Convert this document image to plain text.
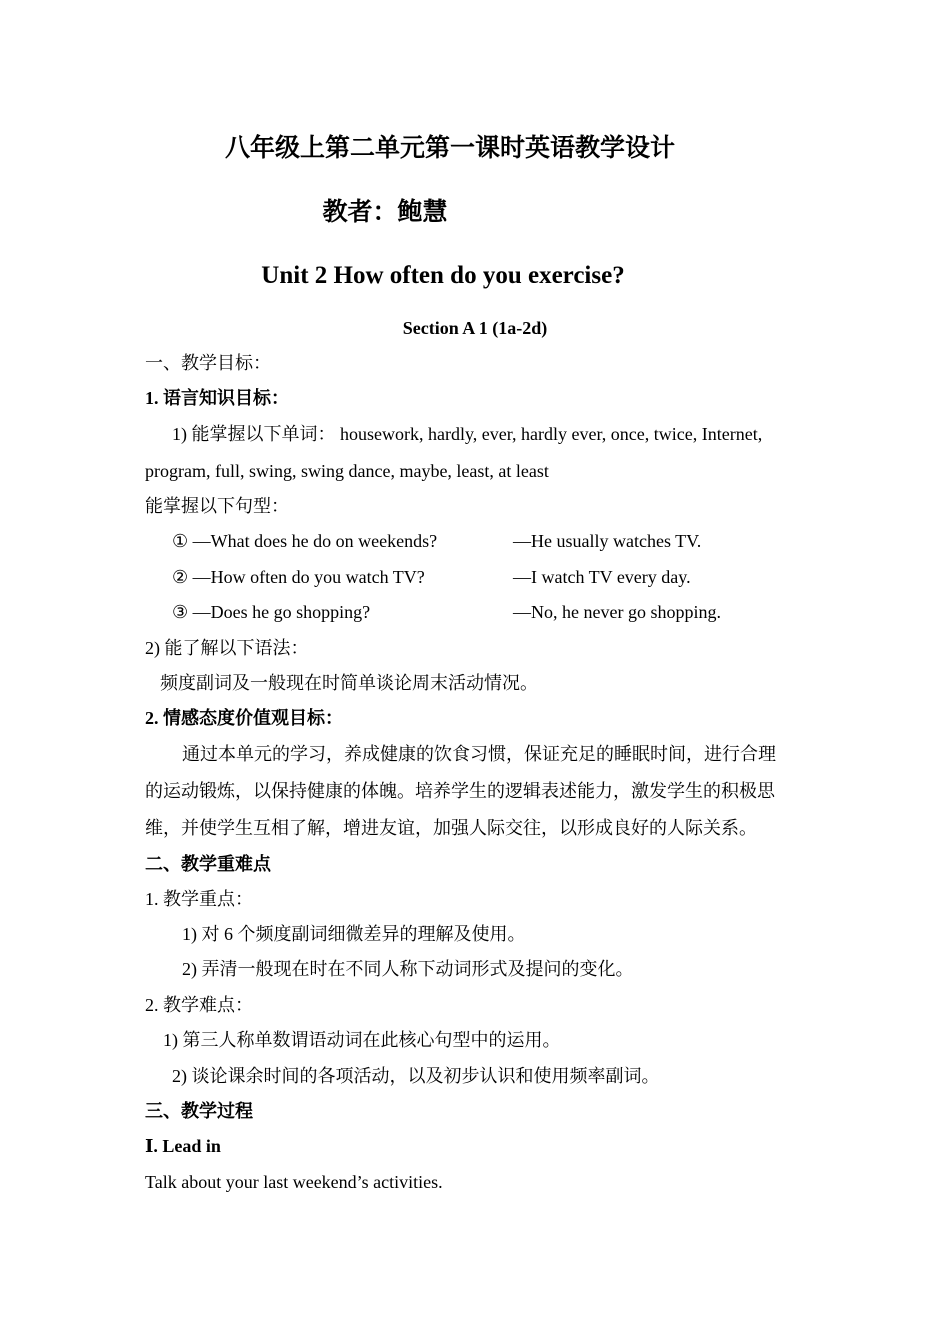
八年级上第二单元第一课时英语教学设计
教者：鲍慧
Unit 2 How often do you exercise?
Section A 1 (1a-2d)
一、教学目标：
1. 语言知识目标：
1) 能掌握以下单词： housework, hardly, ever, hardly ever, once, twice, Internet,
program, full, swing, swing dance, maybe, least, at least
能掌握以下句型：
① —What does he do on weekends?	—He usually watches TV.
② —How often do you watch TV?	—I watch TV every day.
③ —Does he go shopping?	—No, he never go shopping.
2) 能了解以下语法：
频度副词及一般现在时简单谈论周末活动情况。
2. 情感态度价值观目标：
通过本单元的学习，养成健康的饮食习惯，保证充足的睡眠时间，进行合理
的运动锻炼，以保持健康的体魄。培养学生的逻辑表述能力，激发学生的积极思
维，并使学生互相了解，增进友谊，加强人际交往，以形成良好的人际关系。
二、教学重难点
1. 教学重点：
1) 对 6 个频度副词细微差异的理解及使用。
2) 弄清一般现在时在不同人称下动词形式及提问的变化。
2. 教学难点：
1) 第三人称单数谓语动词在此核心句型中的运用。
2) 谈论课余时间的各项活动，以及初步认识和使用频率副词。
三、教学过程
Ⅰ. Lead in
Talk about your last weekend’s activities.
